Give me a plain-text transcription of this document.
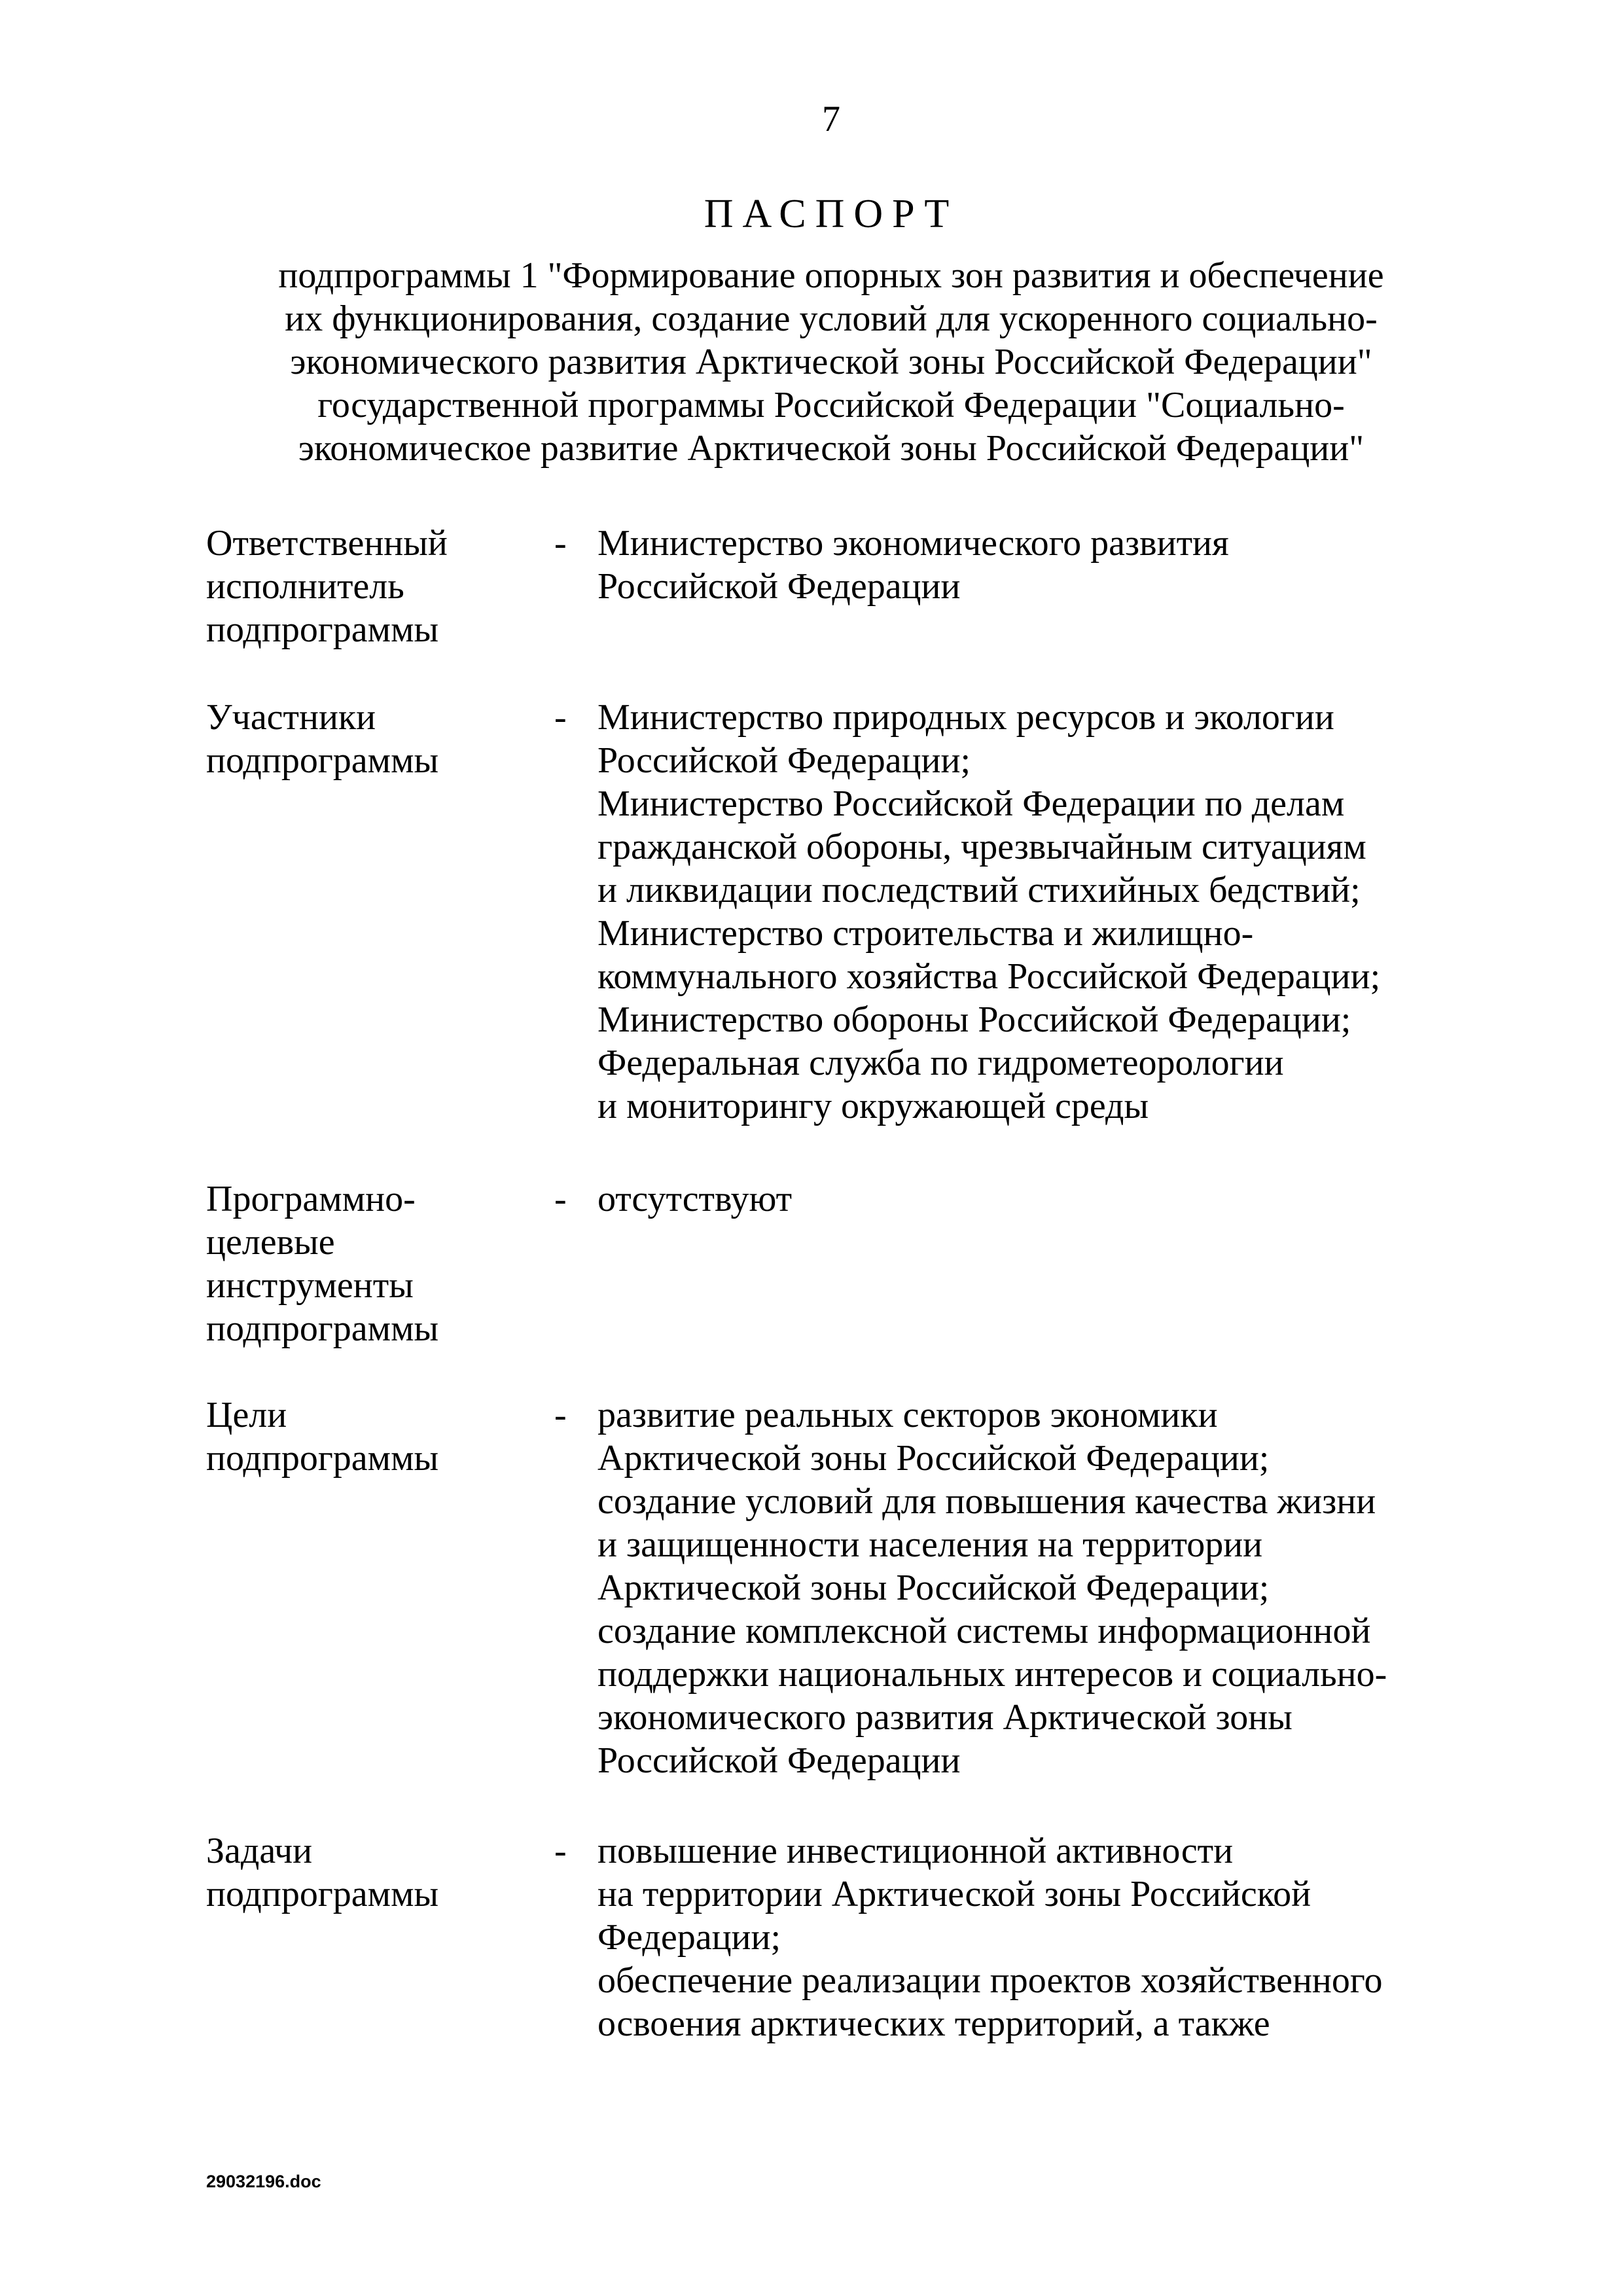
7
ПАСПОРТ
подпрограммы 1 "Формирование опорных зон развития и обеспечение
их функционирования, создание условий для ускоренного социально-
экономического развития Арктической зоны Российской Федерации"
государственной программы Российской Федерации "Социально-
экономическое развитие Арктической зоны Российской Федерации"
Ответственный
исполнитель
подпрограммы
- Министерство экономического развития
Российской Федерации
Участники
подпрограммы
- Министерство природных ресурсов и экологии
Российской Федерации;
Министерство Российской Федерации по делам
гражданской обороны, чрезвычайным ситуациям
и ликвидации последствий стихийных бедствий;
Министерство строительства и жилищно-
коммунального хозяйства Российской Федерации;
Министерство обороны Российской Федерации;
Федеральная служба по гидрометеорологии
и мониторингу окружающей среды
Программно-
целевые
инструменты
подпрограммы
- отсутствуют
Цели
подпрограммы
- развитие реальных секторов экономики
Арктической зоны Российской Федерации;
создание условий для повышения качества жизни
и защищенности населения на территории
Арктической зоны Российской Федерации;
создание комплексной системы информационной
поддержки национальных интересов и социально-
экономического развития Арктической зоны
Российской Федерации
Задачи
подпрограммы
- повышение инвестиционной активности
на территории Арктической зоны Российской
Федерации;
обеспечение реализации проектов хозяйственного
освоения арктических территорий, а также
29032196.doc
